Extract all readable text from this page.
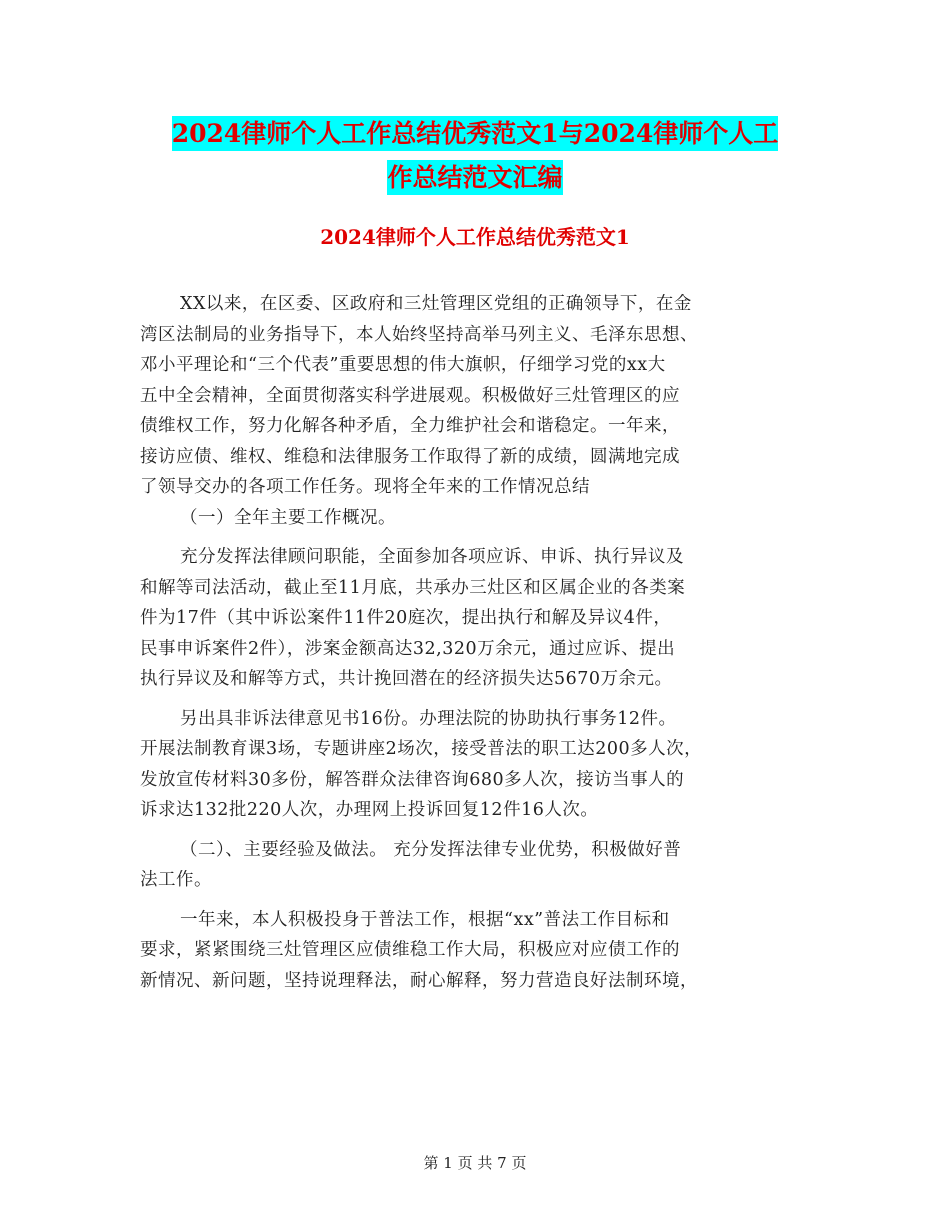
2024律师个人工作总结优秀范文1与2024律师个人工
作总结范文汇编
2024律师个人工作总结优秀范文1

XX以来，在区委、区政府和三灶管理区党组的正确领导下，在金

湾区法制局的业务指导下，本人始终坚持高举马列主义、毛泽东思想、

邓小平理论和“三个代表”重要思想的伟大旗帜，仔细学习党的xx大

五中全会精神，全面贯彻落实科学进展观。积极做好三灶管理区的应

债维权工作，努力化解各种矛盾，全力维护社会和谐稳定。一年来，

接访应债、维权、维稳和法律服务工作取得了新的成绩，圆满地完成

了领导交办的各项工作任务。现将全年来的工作情况总结

（一）全年主要工作概况。

充分发挥法律顾问职能，全面参加各项应诉、申诉、执行异议及

和解等司法活动，截止至11月底，共承办三灶区和区属企业的各类案

件为17件（其中诉讼案件11件20庭次，提出执行和解及异议4件，

民事申诉案件2件），涉案金额高达32,320万余元，通过应诉、提出

执行异议及和解等方式，共计挽回潜在的经济损失达5670万余元。

另出具非诉法律意见书16份。办理法院的协助执行事务12件。

开展法制教育课3场，专题讲座2场次，接受普法的职工达200多人次，

发放宣传材料30多份，解答群众法律咨询680多人次，接访当事人的

诉求达132批220人次，办理网上投诉回复12件16人次。

（二）、主要经验及做法。 充分发挥法律专业优势，积极做好普

法工作。

一年来，本人积极投身于普法工作，根据“xx”普法工作目标和

要求，紧紧围绕三灶管理区应债维稳工作大局，积极应对应债工作的

新情况、新问题，坚持说理释法，耐心解释，努力营造良好法制环境，

第 1 页 共 7 页
